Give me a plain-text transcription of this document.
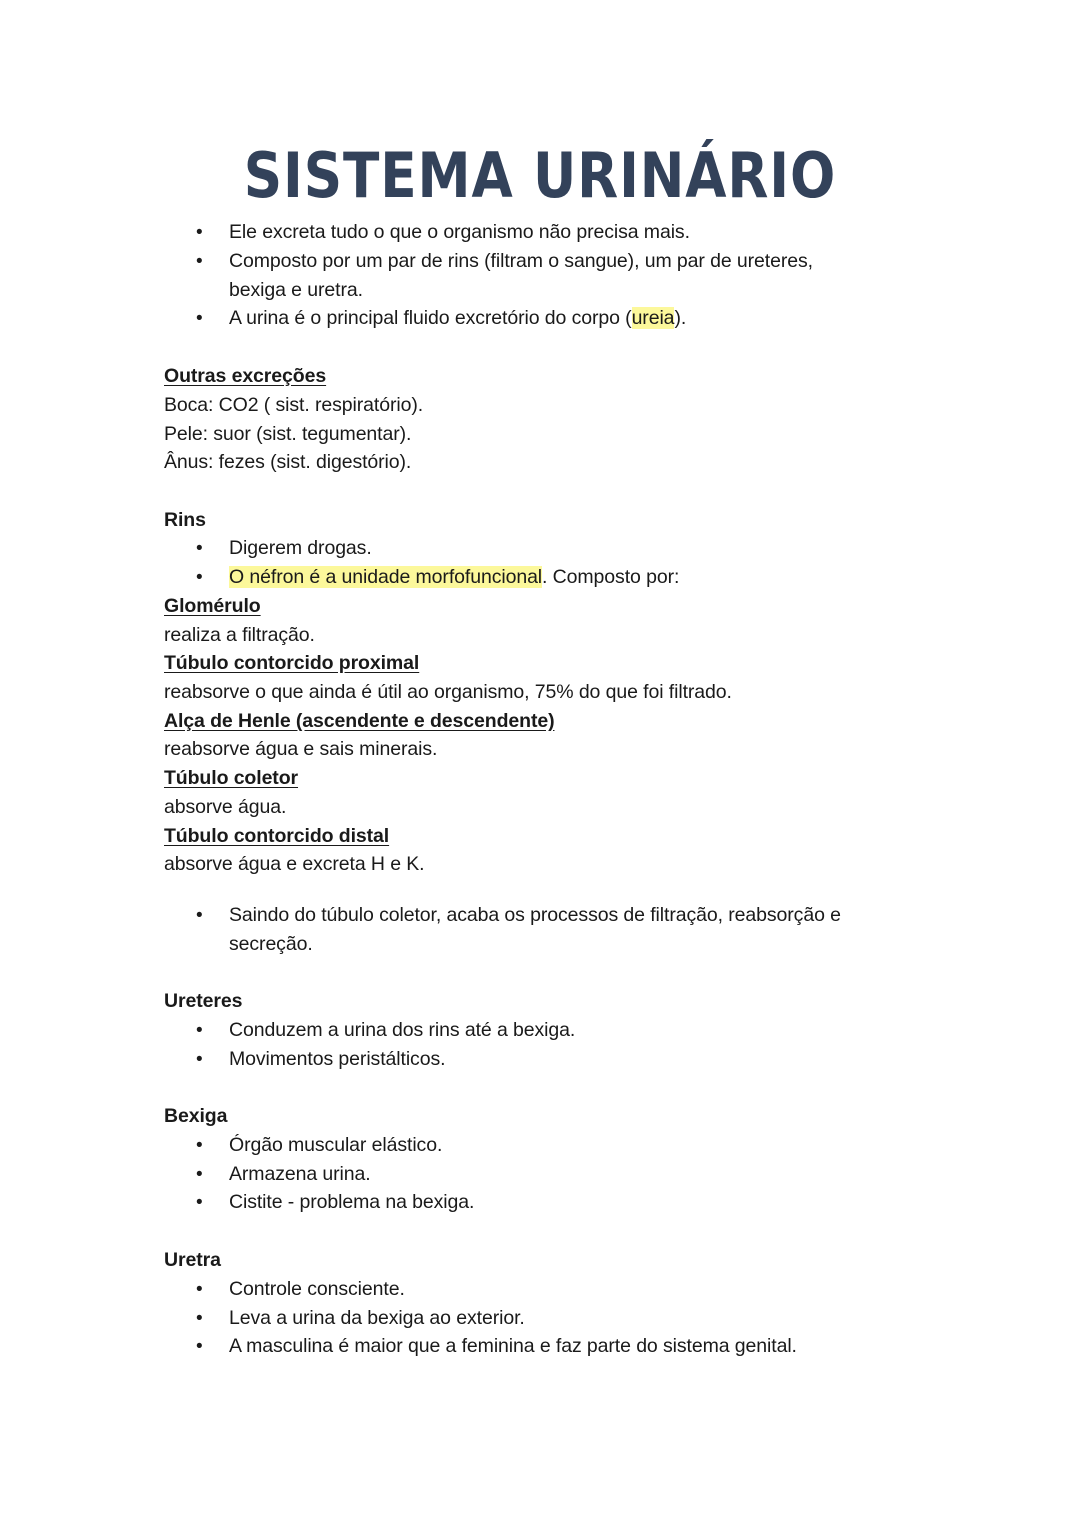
SISTEMA URINÁRIO
• Ele excreta tudo o que o organismo não precisa mais.
• Composto por um par de rins (filtram o sangue), um par de ureteres,
bexiga e uretra.
• A urina é o principal fluido excretório do corpo (ureia).
Outras excreções
Boca: CO2 ( sist. respiratório).
Pele: suor (sist. tegumentar).
Ânus: fezes (sist. digestório).
Rins
• Digerem drogas.
• O néfron é a unidade morfofuncional. Composto por:
Glomérulo
realiza a filtração.
Túbulo contorcido proximal
reabsorve o que ainda é útil ao organismo, 75% do que foi filtrado.
Alça de Henle (ascendente e descendente)
reabsorve água e sais minerais.
Túbulo coletor
absorve água.
Túbulo contorcido distal
absorve água e excreta H e K.
• Saindo do túbulo coletor, acaba os processos de filtração, reabsorção e
secreção.
Ureteres
• Conduzem a urina dos rins até a bexiga.
• Movimentos peristálticos.
Bexiga
• Órgão muscular elástico.
• Armazena urina.
• Cistite - problema na bexiga.
Uretra
• Controle consciente.
• Leva a urina da bexiga ao exterior.
• A masculina é maior que a feminina e faz parte do sistema genital.
